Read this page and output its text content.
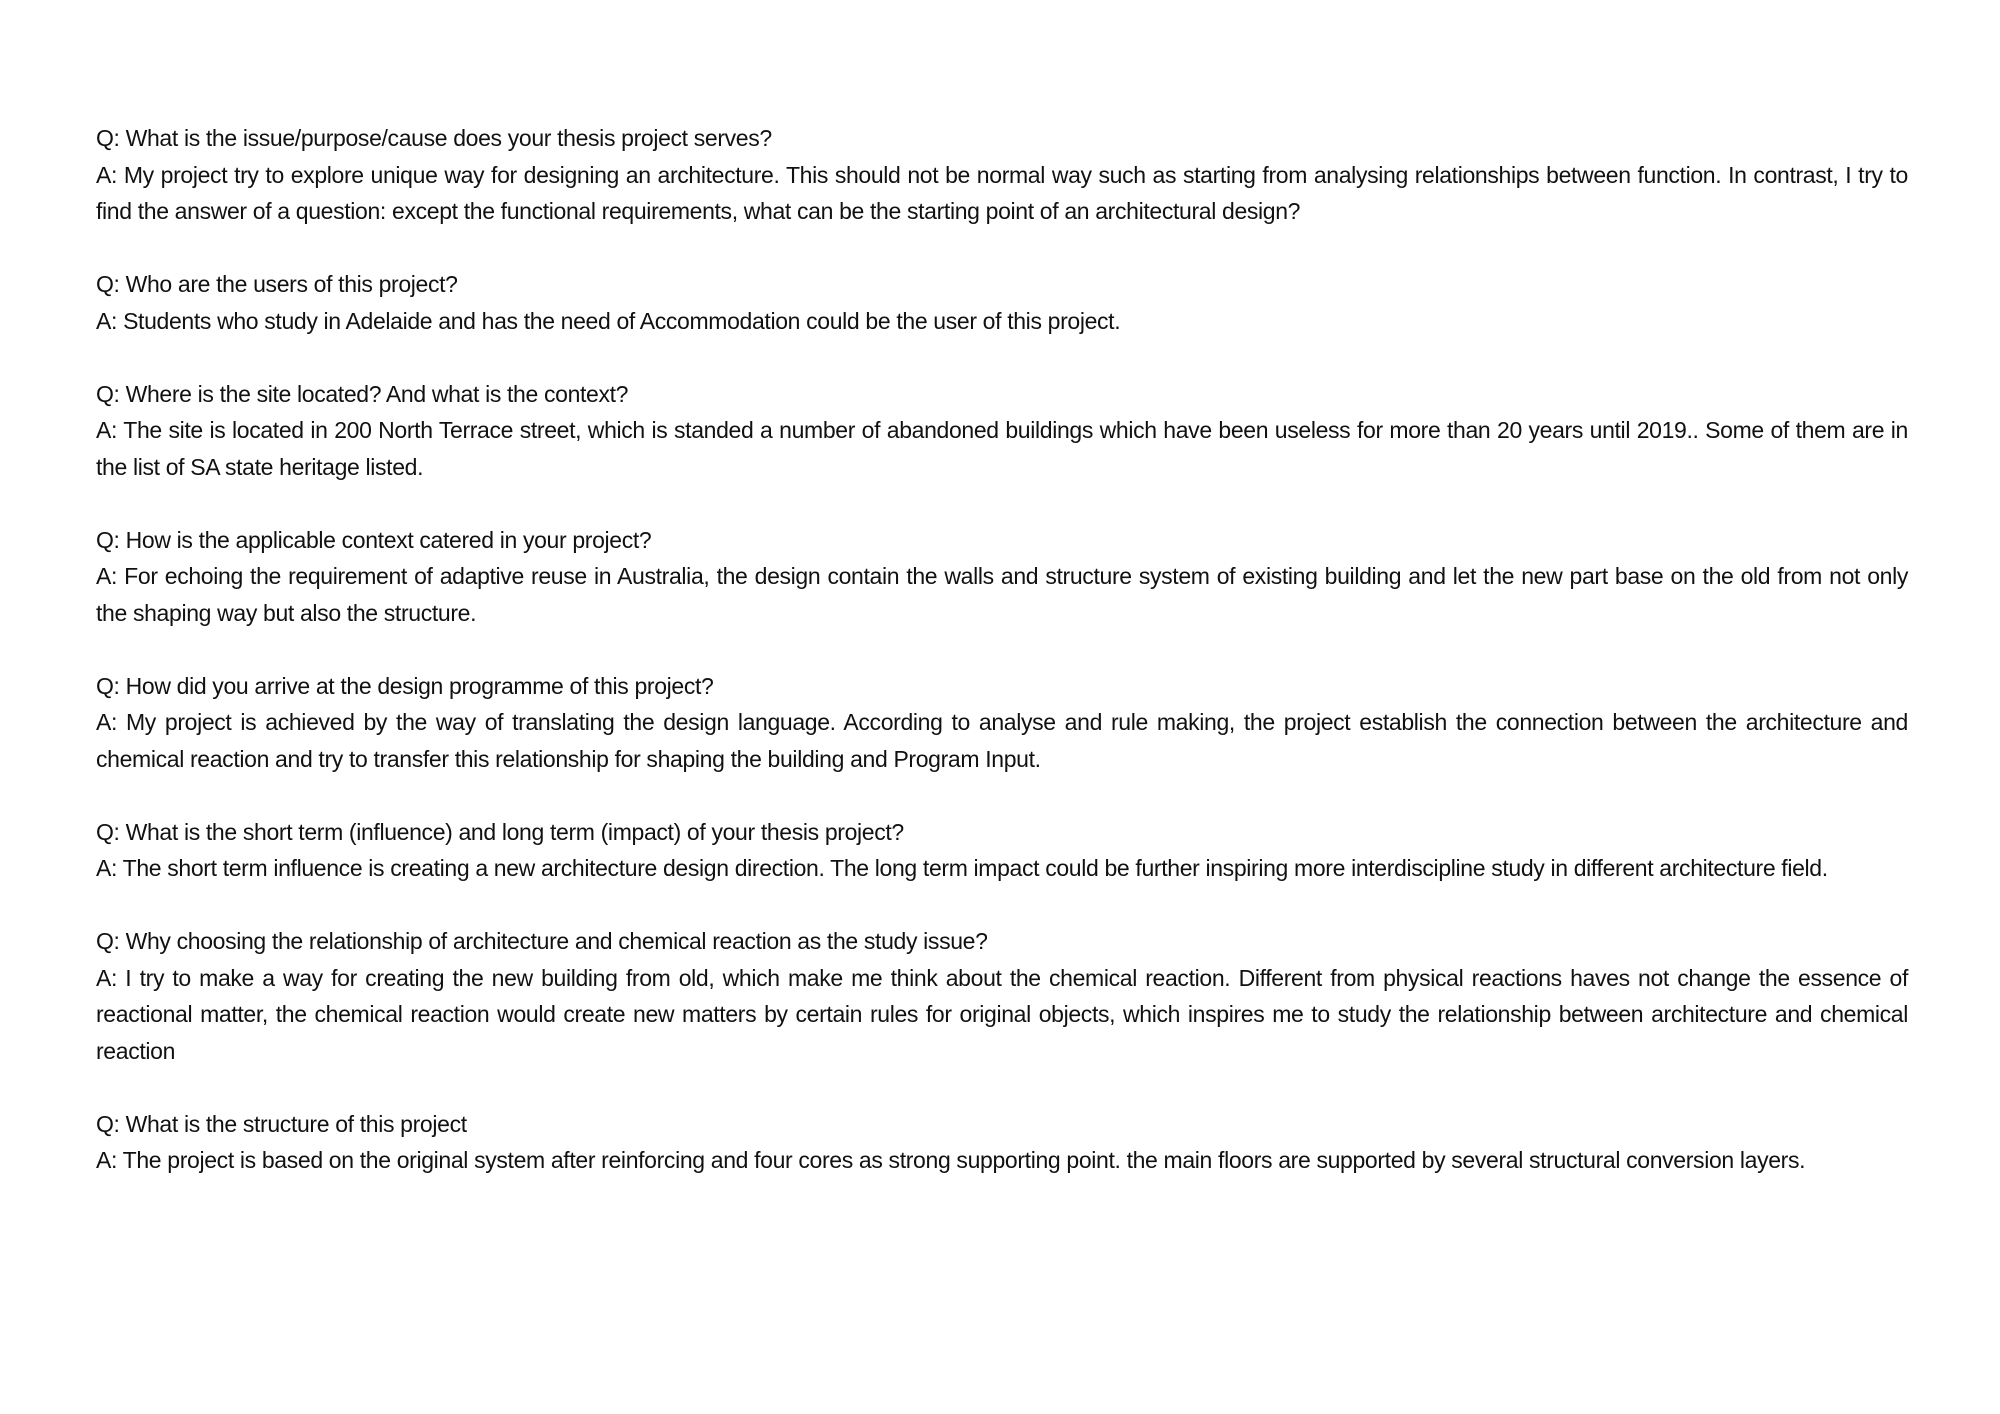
Q: What is the issue/purpose/cause does your thesis project serves?

A: My project try to explore unique way for designing an architecture. This should not be normal way such as starting from analysing relationships between function. In contrast, I try to find the answer of a question: except the functional requirements, what can be the starting point of an architectural design?

Q: Who are the users of this project?

A: Students who study in Adelaide and has the need of Accommodation could be the user of this project.

Q: Where is the site located? And what is the context?

A: The site is located in 200 North Terrace street, which is standed a number of abandoned buildings which have been useless for more than 20 years until 2019.. Some of them are in the list of SA state heritage listed.

Q: How is the applicable context catered in your project?

A: For echoing the requirement of adaptive reuse in Australia, the design contain the walls and structure system of existing building and let the new part base on the old from not only the shaping way but also the structure.

Q: How did you arrive at the design programme of this project?

A: My project is achieved by the way of translating the design language. According to analyse and rule making, the project establish the connection between the architecture and chemical reaction and try to transfer this relationship for shaping the building and Program Input.

Q: What is the short term (influence) and long term (impact) of your thesis project?

A: The short term influence is creating a new architecture design direction. The long term impact could be further inspiring more interdiscipline study in different architecture field.

Q: Why choosing the relationship of architecture and chemical reaction as the study issue?

A: I try to make a way for creating the new building from old, which make me think about the chemical reaction. Different from physical reactions haves not change the essence of reactional matter, the chemical reaction would create new matters by certain rules for original objects, which inspires me to study the relationship between architecture and chemical reaction

Q: What is the structure of this project

A: The project is based on the original system after reinforcing and four cores as strong supporting point. the main floors are supported by several structural conversion layers.
